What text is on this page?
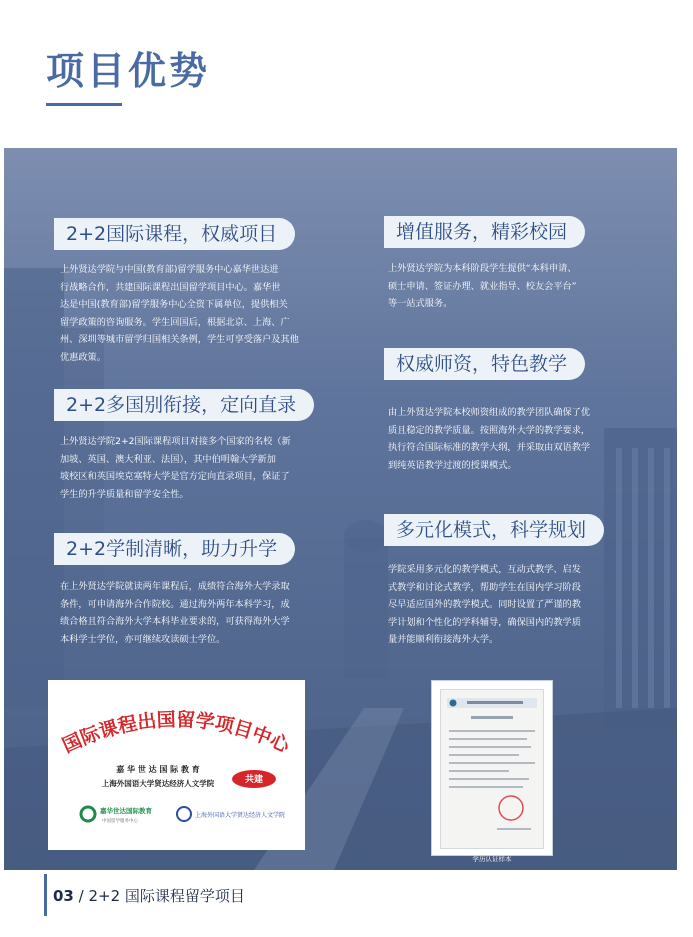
项目优势
2+2国际课程，权威项目

上外贤达学院与中国(教育部)留学服务中心嘉华世达进
行战略合作，共建国际课程出国留学项目中心。嘉华世
达是中国(教育部)留学服务中心全资下属单位，提供相关
留学政策的咨询服务。学生回国后，根据北京、上海、广
州、深圳等城市留学归国相关条例，学生可享受落户及其他
优惠政策。

2+2多国别衔接，定向直录

上外贤达学院2+2国际课程项目对接多个国家的名校（新
加坡、英国、澳大利亚、法国），其中伯明翰大学新加
坡校区和英国埃克塞特大学是官方定向直录项目，保证了
学生的升学质量和留学安全性。

2+2学制清晰，助力升学

在上外贤达学院就读两年课程后，成绩符合海外大学录取
条件，可申请海外合作院校。通过海外两年本科学习，成
绩合格且符合海外大学本科毕业要求的，可获得海外大学
本科学士学位，亦可继续攻读硕士学位。

增值服务，精彩校园

上外贤达学院为本科阶段学生提供“本科申请、
硕士申请、签证办理、就业指导、校友会平台”
等一站式服务。

权威师资，特色教学

由上外贤达学院本校师资组成的教学团队确保了优
质且稳定的教学质量。按照海外大学的教学要求，
执行符合国际标准的教学大纲，并采取由双语教学
到纯英语教学过渡的授课模式。

多元化模式，科学规划

学院采用多元化的教学模式，互动式教学、启发
式教学和讨论式教学，帮助学生在国内学习阶段
尽早适应国外的教学模式。同时设置了严谨的教
学计划和个性化的学科辅导，确保国内的教学质
量并能顺利衔接海外大学。

国际课程出国留学项目中心
嘉 华 世 达 国 际 教 育
上海外国语大学贤达经济人文学院	共建
嘉华世达国际教育
中国留学服务中心
上海外国语大学贤达经济人文学院
学历认证样本
03 / 2+2 国际课程留学项目
